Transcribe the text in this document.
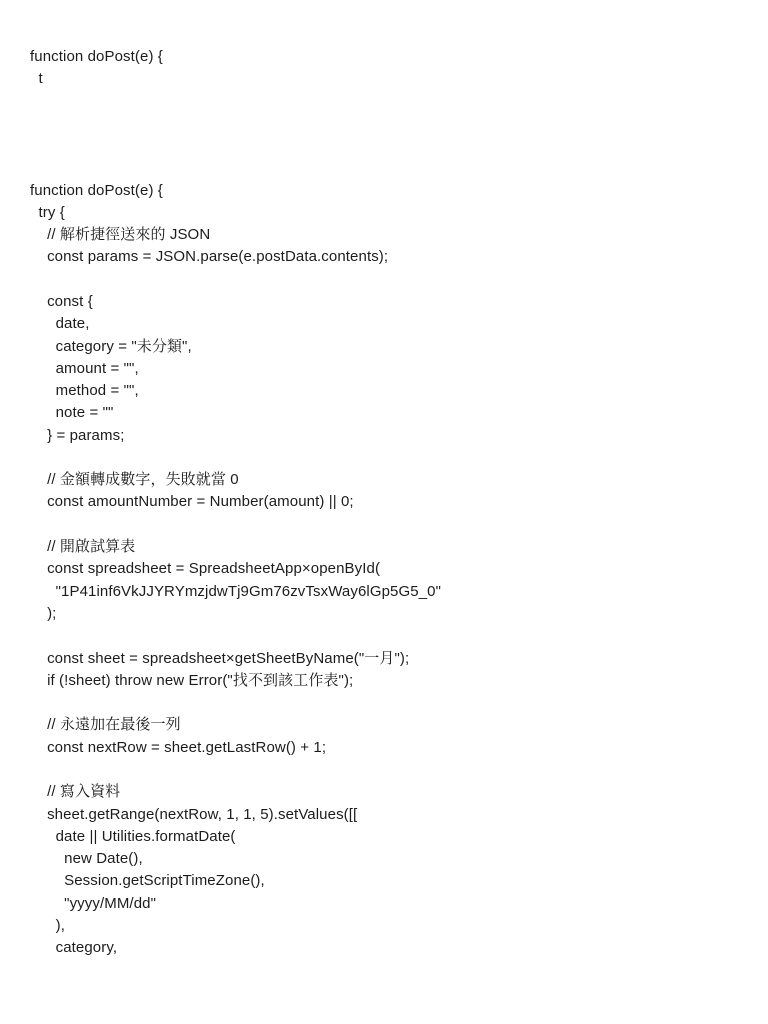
function doPost(e) {
t
function doPost(e) {
try {
// 解析捷徑送來的 JSON
const params = JSON.parse(e.postData.contents);
const {
date,
category = "未分類",
amount = "",
method = "",
note = ""
} = params;
// 金額轉成數字，失敗就當 0
const amountNumber = Number(amount) || 0;
// 開啟試算表
const spreadsheet = SpreadsheetApp×openById(
"1P41inf6VkJJYRYmzjdwTj9Gm76zvTsxWay6lGp5G5_0"
);
const sheet = spreadsheet×getSheetByName("一月");
if (!sheet) throw new Error("找不到該工作表");
// 永遠加在最後一列
const nextRow = sheet.getLastRow() + 1;
// 寫入資料
sheet.getRange(nextRow, 1, 1, 5).setValues([[
date || Utilities.formatDate(
new Date(),
Session.getScriptTimeZone(),
"yyyy/MM/dd"
),
category,
